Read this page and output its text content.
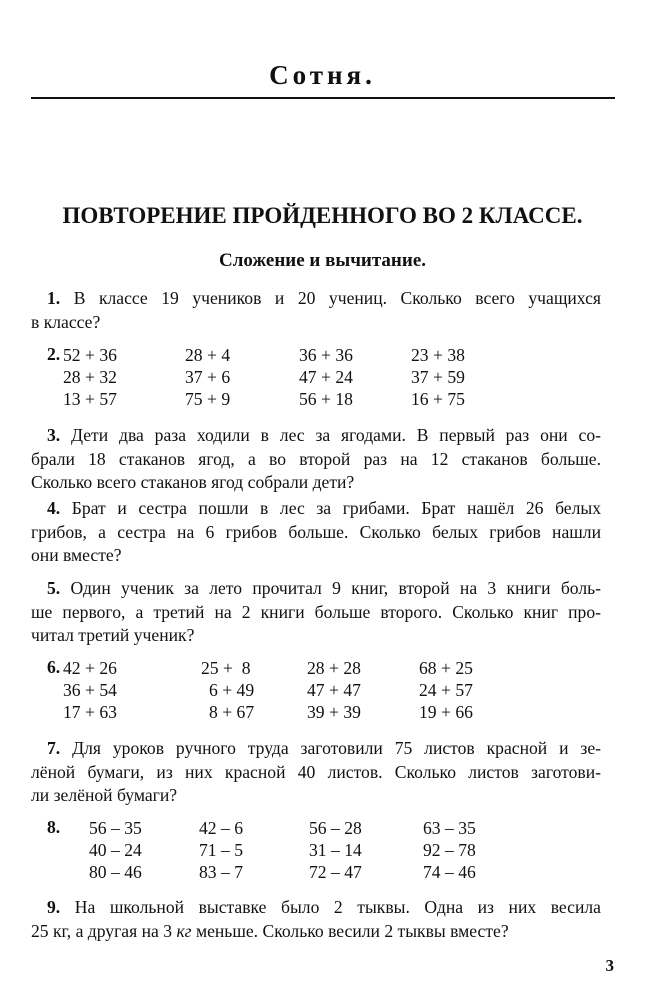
Сотня.
ПОВТОРЕНИЕ ПРОЙДЕННОГО ВО 2 КЛАССЕ.
Сложение и вычитание.
1. В классе 19 учеников и 20 учениц. Сколько всего учащихся
в классе?
2. 52 + 36	28 + 4	36 + 36	23 + 38
28 + 32	37 + 6	47 + 24	37 + 59
13 + 57	75 + 9	56 + 18	16 + 75
3. Дети два раза ходили в лес за ягодами. В первый раз они со-
брали 18 стаканов ягод, а во второй раз на 12 стаканов больше.
Сколько всего стаканов ягод собрали дети?
4. Брат и сестра пошли в лес за грибами. Брат нашёл 26 белых
грибов, а сестра на 6 грибов больше. Сколько белых грибов нашли
они вместе?
5. Один ученик за лето прочитал 9 книг, второй на 3 книги боль-
ше первого, а третий на 2 книги больше второго. Сколько книг про-
читал третий ученик?
6. 42 + 26	25 +  8	28 + 28	68 + 25
36 + 54	6 + 49	47 + 47	24 + 57
17 + 63	8 + 67	39 + 39	19 + 66
7. Для уроков ручного труда заготовили 75 листов красной и зе-
лёной бумаги, из них красной 40 листов. Сколько листов заготови-
ли зелёной бумаги?
8. 56 – 35	42 – 6	56 – 28	63 – 35
40 – 24	71 – 5	31 – 14	92 – 78
80 – 46	83 – 7	72 – 47	74 – 46
9. На школьной выставке было 2 тыквы. Одна из них весила
25 кг, а другая на 3 кг меньше. Сколько весили 2 тыквы вместе?

3
